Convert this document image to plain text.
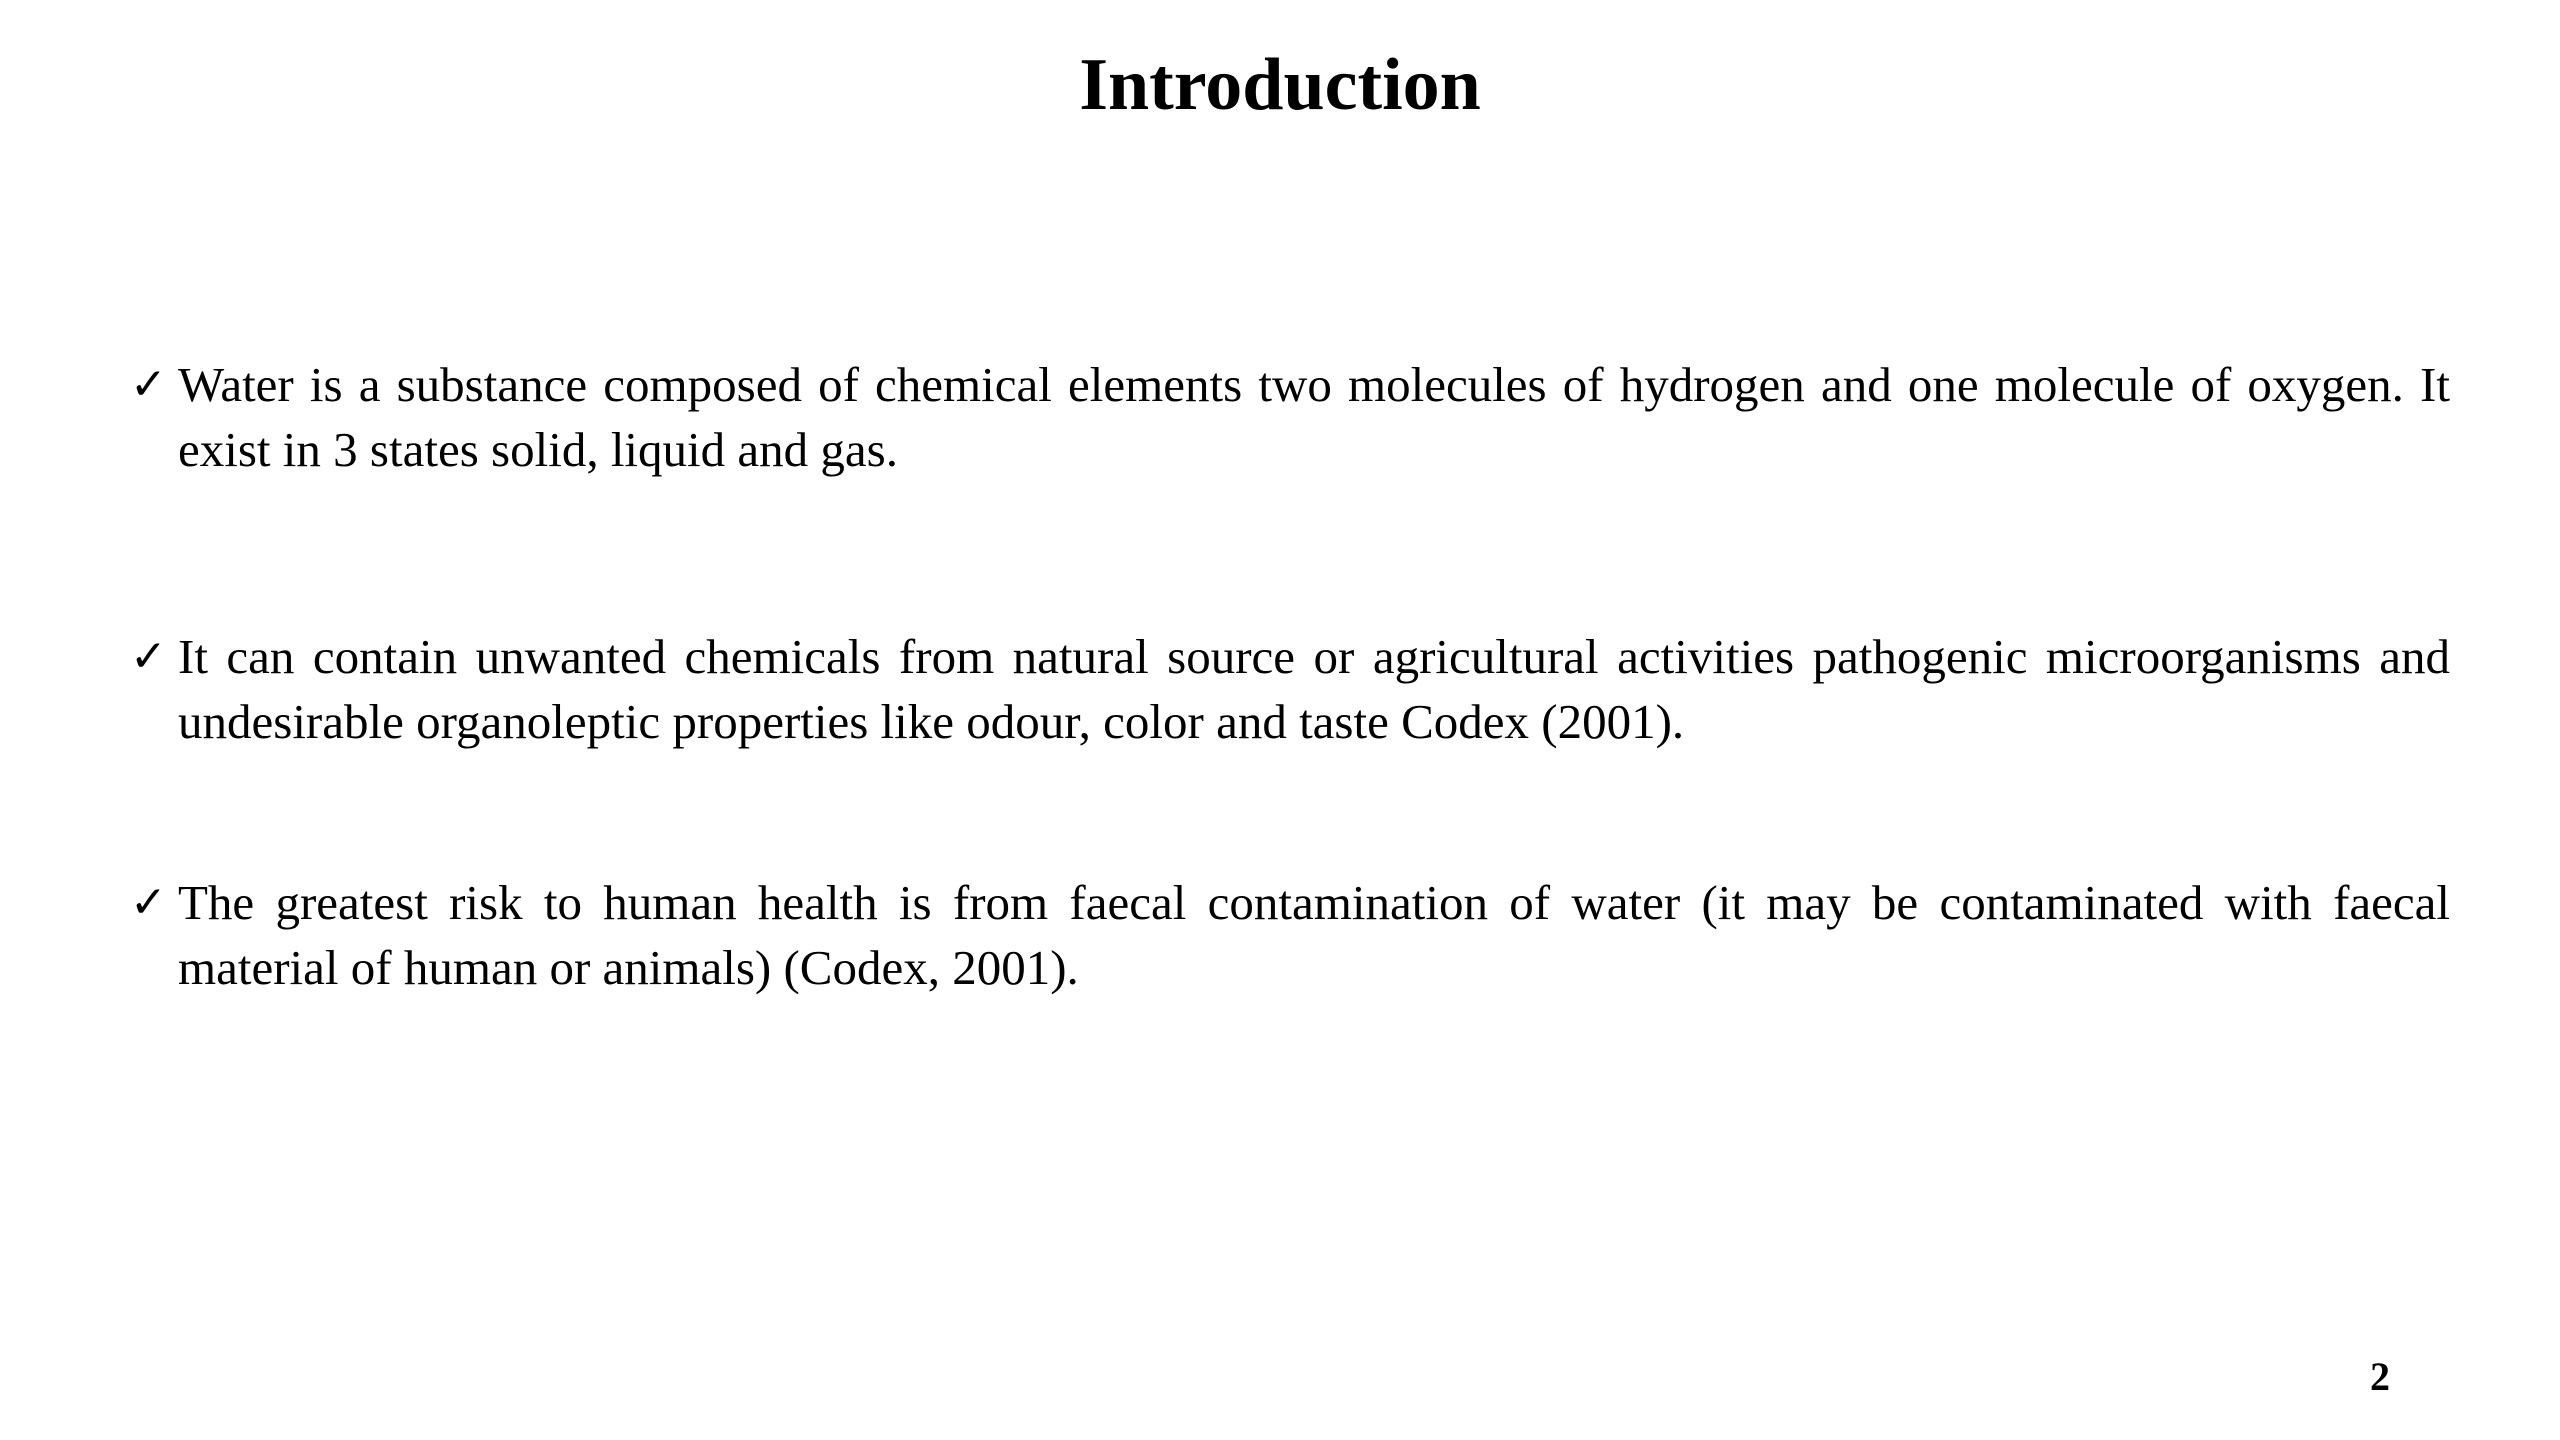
Introduction
✓ Water is a substance composed of chemical elements two molecules of hydrogen and one molecule of oxygen. It exist in 3 states solid, liquid and gas.
✓ It can contain unwanted chemicals from natural source or agricultural activities pathogenic microorganisms and undesirable organoleptic properties like odour, color and taste Codex (2001).
✓ The greatest risk to human health is from faecal contamination of water (it may be contaminated with faecal material of human or animals) (Codex, 2001).
2
